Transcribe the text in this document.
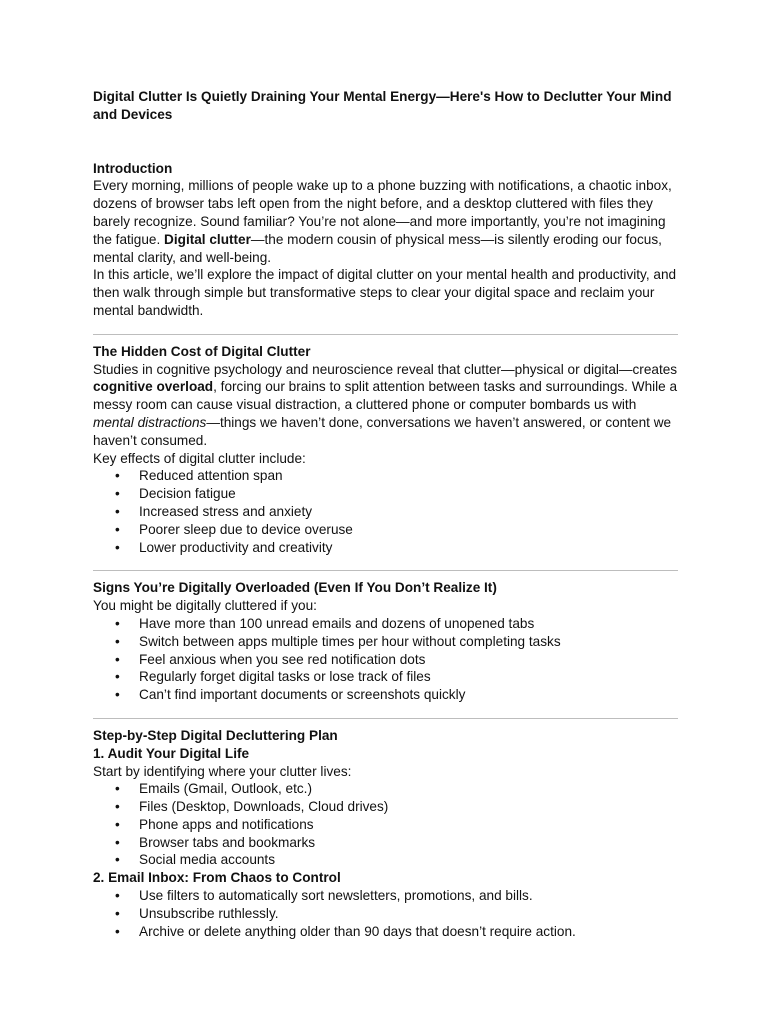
Digital Clutter Is Quietly Draining Your Mental Energy—Here's How to Declutter Your Mind and Devices

Introduction

Every morning, millions of people wake up to a phone buzzing with notifications, a chaotic inbox, dozens of browser tabs left open from the night before, and a desktop cluttered with files they barely recognize. Sound familiar? You’re not alone—and more importantly, you’re not imagining the fatigue. Digital clutter—the modern cousin of physical mess—is silently eroding our focus, mental clarity, and well-being.

In this article, we’ll explore the impact of digital clutter on your mental health and productivity, and then walk through simple but transformative steps to clear your digital space and reclaim your mental bandwidth.

The Hidden Cost of Digital Clutter

Studies in cognitive psychology and neuroscience reveal that clutter—physical or digital—creates cognitive overload, forcing our brains to split attention between tasks and surroundings. While a messy room can cause visual distraction, a cluttered phone or computer bombards us with mental distractions—things we haven’t done, conversations we haven’t answered, or content we haven’t consumed.

Key effects of digital clutter include:

• Reduced attention span
• Decision fatigue
• Increased stress and anxiety
• Poorer sleep due to device overuse
• Lower productivity and creativity

Signs You’re Digitally Overloaded (Even If You Don’t Realize It)

You might be digitally cluttered if you:

• Have more than 100 unread emails and dozens of unopened tabs
• Switch between apps multiple times per hour without completing tasks
• Feel anxious when you see red notification dots
• Regularly forget digital tasks or lose track of files
• Can’t find important documents or screenshots quickly

Step-by-Step Digital Decluttering Plan

1. Audit Your Digital Life

Start by identifying where your clutter lives:

• Emails (Gmail, Outlook, etc.)
• Files (Desktop, Downloads, Cloud drives)
• Phone apps and notifications
• Browser tabs and bookmarks
• Social media accounts

2. Email Inbox: From Chaos to Control

• Use filters to automatically sort newsletters, promotions, and bills.
• Unsubscribe ruthlessly.
• Archive or delete anything older than 90 days that doesn’t require action.
